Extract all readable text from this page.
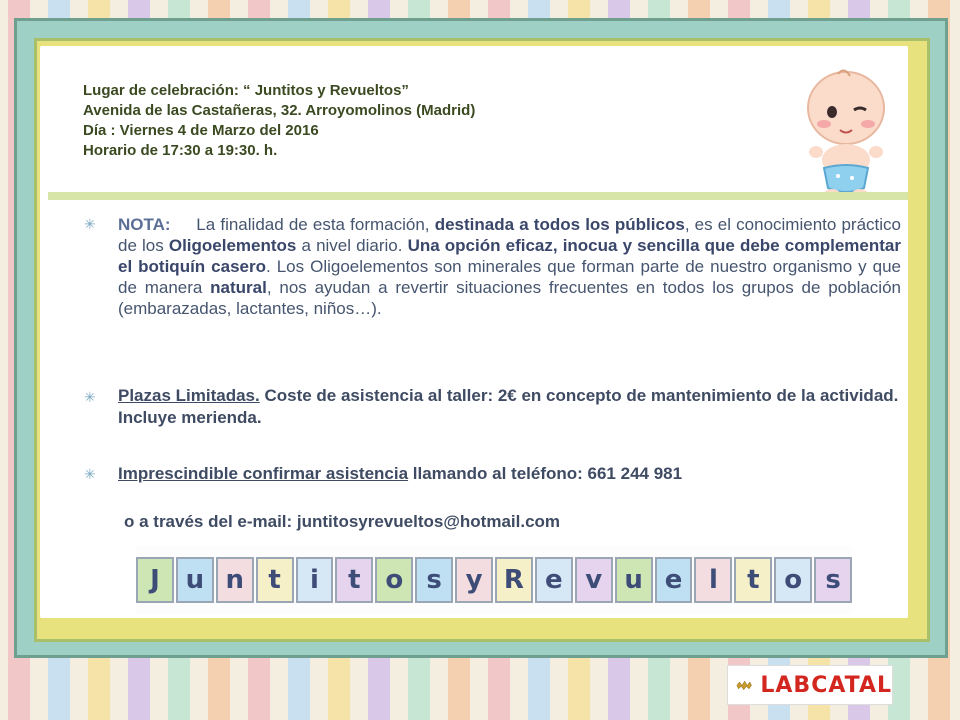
Lugar de celebración: “ Juntitos y Revueltos”
Avenida de las Castañeras, 32. Arroyomolinos (Madrid)
Día : Viernes 4 de Marzo del 2016
Horario de 17:30 a 19:30. h.
✳ NOTA: La finalidad de esta formación, destinada a todos los públicos, es el conocimiento práctico de los Oligoelementos a nivel diario. Una opción eficaz, inocua y sencilla que debe complementar el botiquín casero. Los Oligoelementos son minerales que forman parte de nuestro organismo y que de manera natural, nos ayudan a revertir situaciones frecuentes en todos los grupos de población (embarazadas, lactantes, niños…).
✳ Plazas Limitadas. Coste de asistencia al taller: 2€ en concepto de mantenimiento de la actividad. Incluye merienda.
✳ Imprescindible confirmar asistencia llamando al teléfono: 661 244 981
o a través del e-mail: juntitosyrevueltos@hotmail.com
J u n t	i	t o s y R e v u e	l	t o s
LABCATAL
